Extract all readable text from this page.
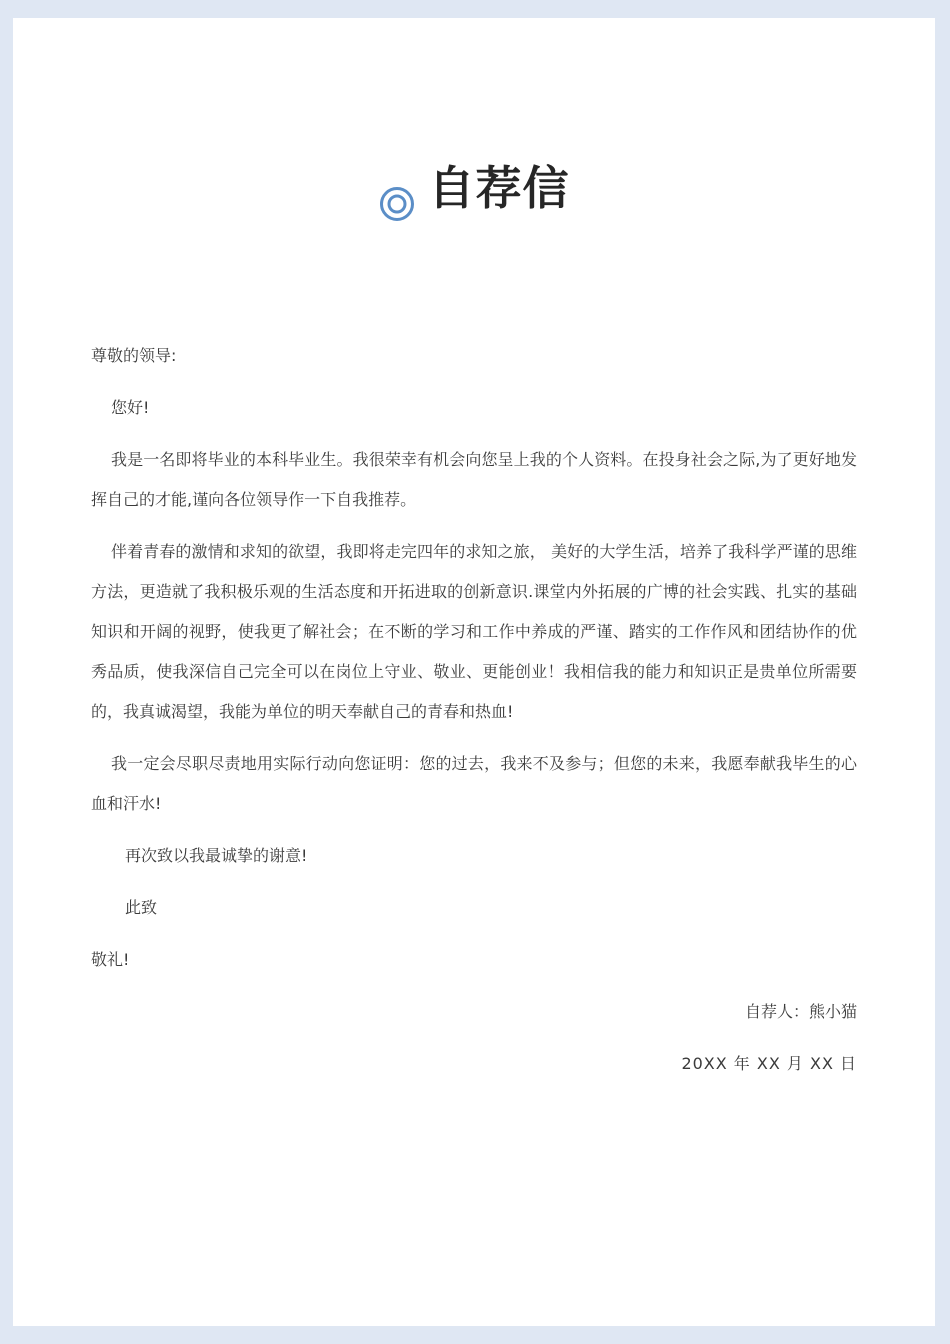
自荐信

尊敬的领导:

您好!

我是一名即将毕业的本科毕业生。我很荣幸有机会向您呈上我的个人资料。在投身社会之际,为了更好地发挥自己的才能,谨向各位领导作一下自我推荐。

伴着青春的激情和求知的欲望，我即将走完四年的求知之旅， 美好的大学生活，培养了我科学严谨的思维方法，更造就了我积极乐观的生活态度和开拓进取的创新意识.课堂内外拓展的广博的社会实践、扎实的基础知识和开阔的视野，使我更了解社会；在不断的学习和工作中养成的严谨、踏实的工作作风和团结协作的优秀品质，使我深信自己完全可以在岗位上守业、敬业、更能创业！我相信我的能力和知识正是贵单位所需要的，我真诚渴望，我能为单位的明天奉献自己的青春和热血!

我一定会尽职尽责地用实际行动向您证明：您的过去，我来不及参与；但您的未来，我愿奉献我毕生的心血和汗水!

再次致以我最诚挚的谢意!

此致

敬礼!

自荐人：熊小猫

20XX 年 XX 月 XX 日
